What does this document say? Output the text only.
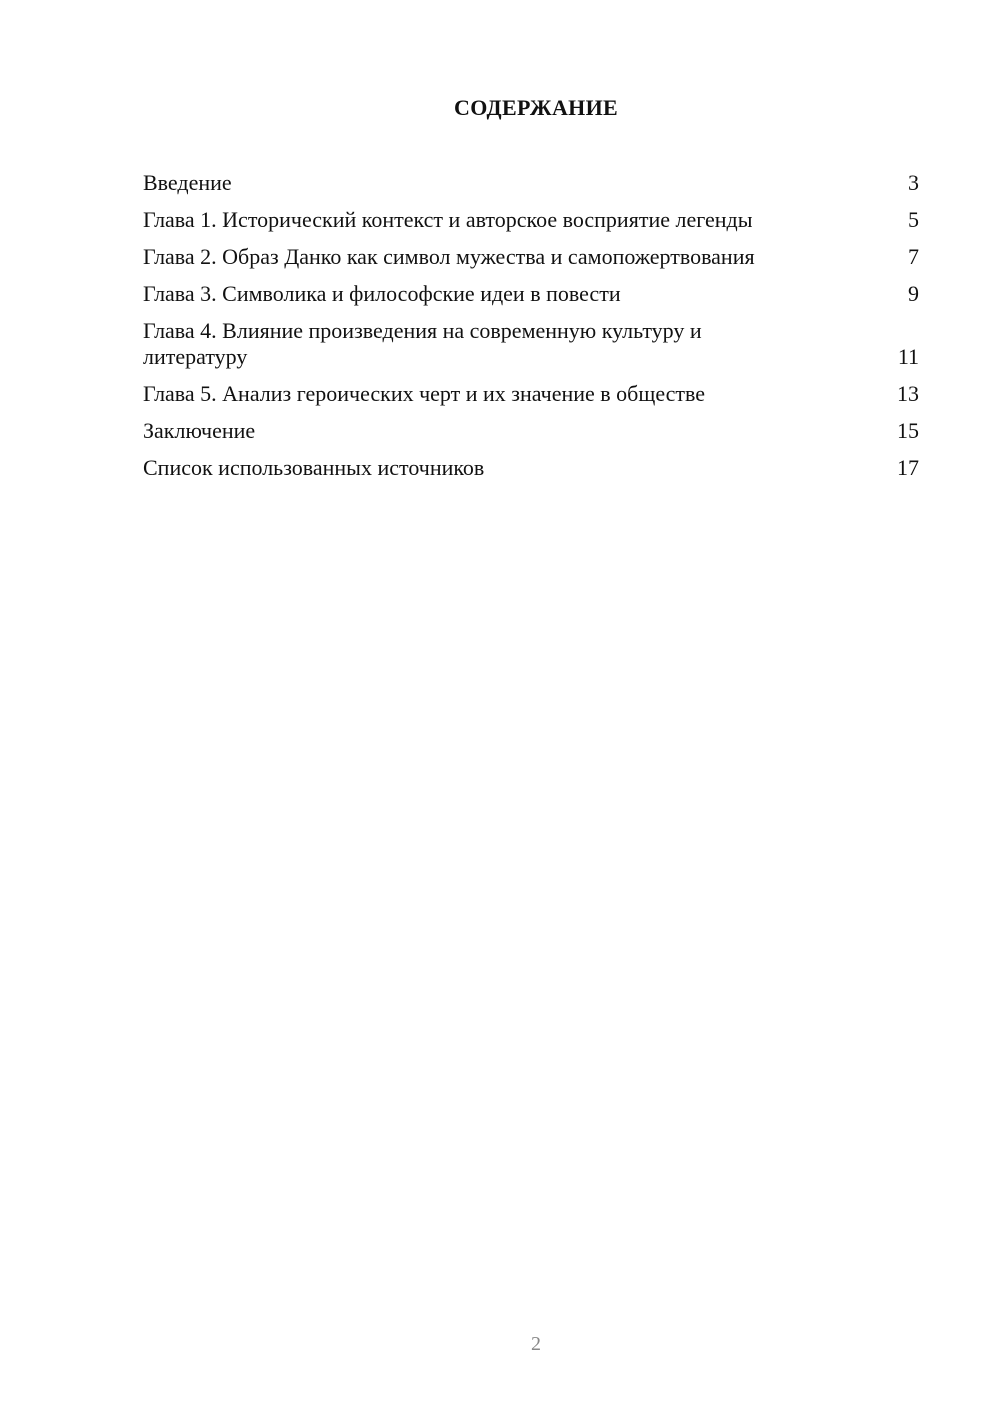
СОДЕРЖАНИЕ
Введение	3
Глава 1. Исторический контекст и авторское восприятие легенды	5
Глава 2. Образ Данко как символ мужества и самопожертвования	7
Глава 3. Символика и философские идеи в повести	9
Глава 4. Влияние произведения на современную культуру и литературу	11
Глава 5. Анализ героических черт и их значение в обществе	13
Заключение	15
Список использованных источников	17
2
